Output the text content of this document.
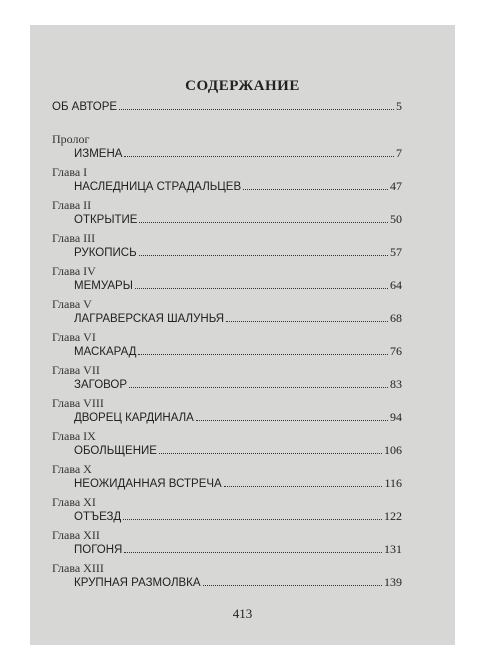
СОДЕРЖАНИЕ
ОБ АВТОРЕ	5
Пролог
ИЗМЕНА	7
Глава I
НАСЛЕДНИЦА СТРАДАЛЬЦЕВ	47
Глава II
ОТКРЫТИЕ	50
Глава III
РУКОПИСЬ	57
Глава IV
МЕМУАРЫ	64
Глава V
ЛАГРАВЕРСКАЯ ШАЛУНЬЯ	68
Глава VI
МАСКАРАД	76
Глава VII
ЗАГОВОР	83
Глава VIII
ДВОРЕЦ КАРДИНАЛА	94
Глава IX
ОБОЛЬЩЕНИЕ	106
Глава X
НЕОЖИДАННАЯ ВСТРЕЧА	116
Глава XI
ОТЪЕЗД	122
Глава XII
ПОГОНЯ	131
Глава XIII
КРУПНАЯ РАЗМОЛВКА	139
413
